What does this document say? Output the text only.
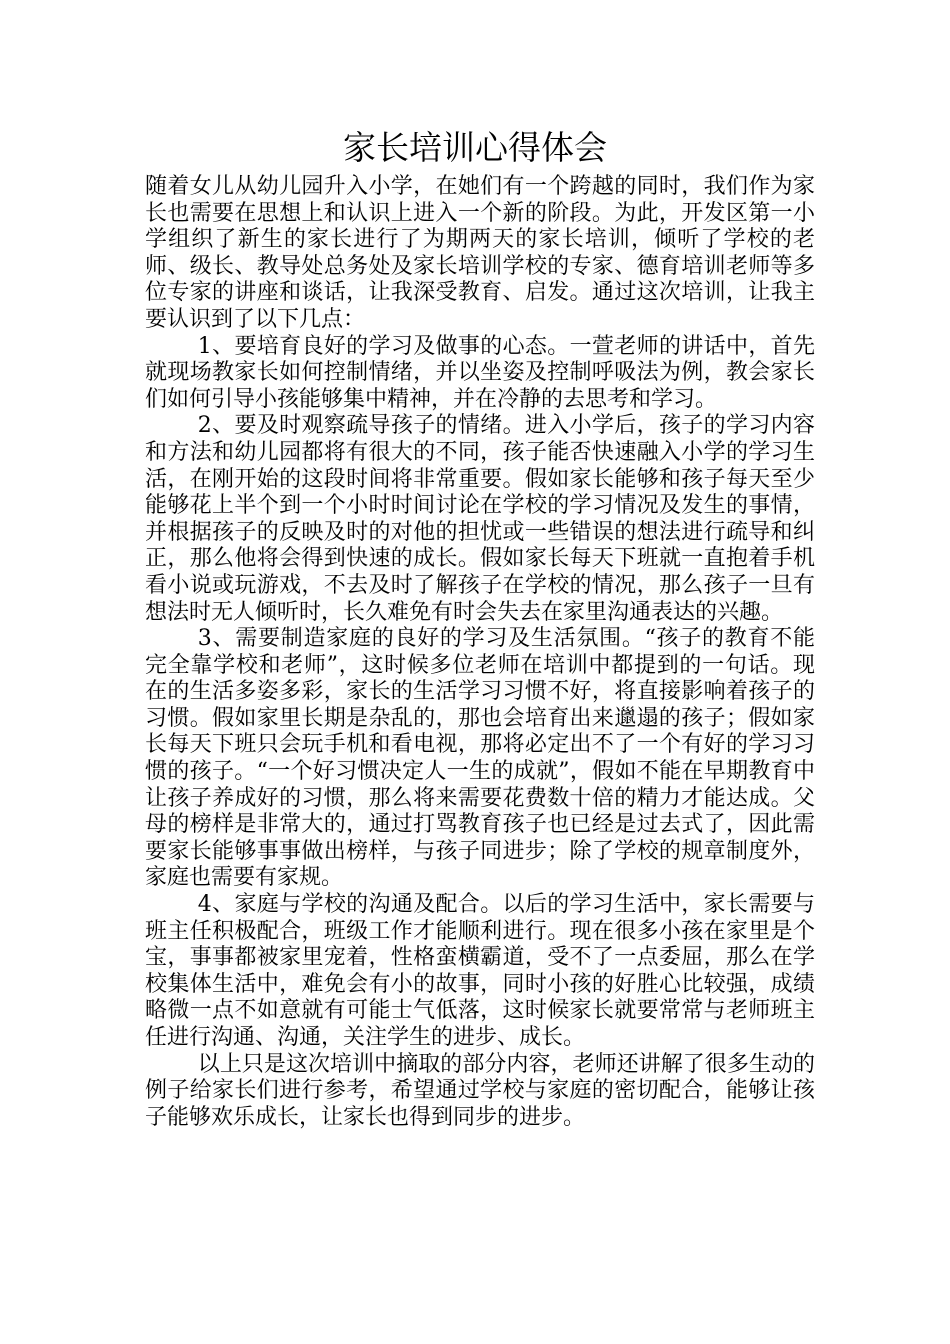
家长培训心得体会

随着女儿从幼儿园升入小学，在她们有一个跨越的同时，我们作为家长也需要在思想上和认识上进入一个新的阶段。为此，开发区第一小学组织了新生的家长进行了为期两天的家长培训，倾听了学校的老师、级长、教导处总务处及家长培训学校的专家、德育培训老师等多位专家的讲座和谈话，让我深受教育、启发。通过这次培训，让我主要认识到了以下几点：

1、要培育良好的学习及做事的心态。一萱老师的讲话中，首先就现场教家长如何控制情绪，并以坐姿及控制呼吸法为例，教会家长们如何引导小孩能够集中精神，并在冷静的去思考和学习。

2、要及时观察疏导孩子的情绪。进入小学后，孩子的学习内容和方法和幼儿园都将有很大的不同，孩子能否快速融入小学的学习生活，在刚开始的这段时间将非常重要。假如家长能够和孩子每天至少能够花上半个到一个小时时间讨论在学校的学习情况及发生的事情，并根据孩子的反映及时的对他的担忧或一些错误的想法进行疏导和纠正，那么他将会得到快速的成长。假如家长每天下班就一直抱着手机看小说或玩游戏，不去及时了解孩子在学校的情况，那么孩子一旦有想法时无人倾听时，长久难免有时会失去在家里沟通表达的兴趣。

3、需要制造家庭的良好的学习及生活氛围。“孩子的教育不能完全靠学校和老师”，这时候多位老师在培训中都提到的一句话。现在的生活多姿多彩，家长的生活学习习惯不好，将直接影响着孩子的习惯。假如家里长期是杂乱的，那也会培育出来邋遢的孩子；假如家长每天下班只会玩手机和看电视，那将必定出不了一个有好的学习习惯的孩子。“一个好习惯决定人一生的成就”，假如不能在早期教育中让孩子养成好的习惯，那么将来需要花费数十倍的精力才能达成。父母的榜样是非常大的，通过打骂教育孩子也已经是过去式了，因此需要家长能够事事做出榜样，与孩子同进步；除了学校的规章制度外，家庭也需要有家规。

4、家庭与学校的沟通及配合。以后的学习生活中，家长需要与班主任积极配合，班级工作才能顺利进行。现在很多小孩在家里是个宝，事事都被家里宠着，性格蛮横霸道，受不了一点委屈，那么在学校集体生活中，难免会有小的故事，同时小孩的好胜心比较强，成绩略微一点不如意就有可能士气低落，这时候家长就要常常与老师班主任进行沟通、沟通，关注学生的进步、成长。

以上只是这次培训中摘取的部分内容，老师还讲解了很多生动的例子给家长们进行参考，希望通过学校与家庭的密切配合，能够让孩子能够欢乐成长，让家长也得到同步的进步。
